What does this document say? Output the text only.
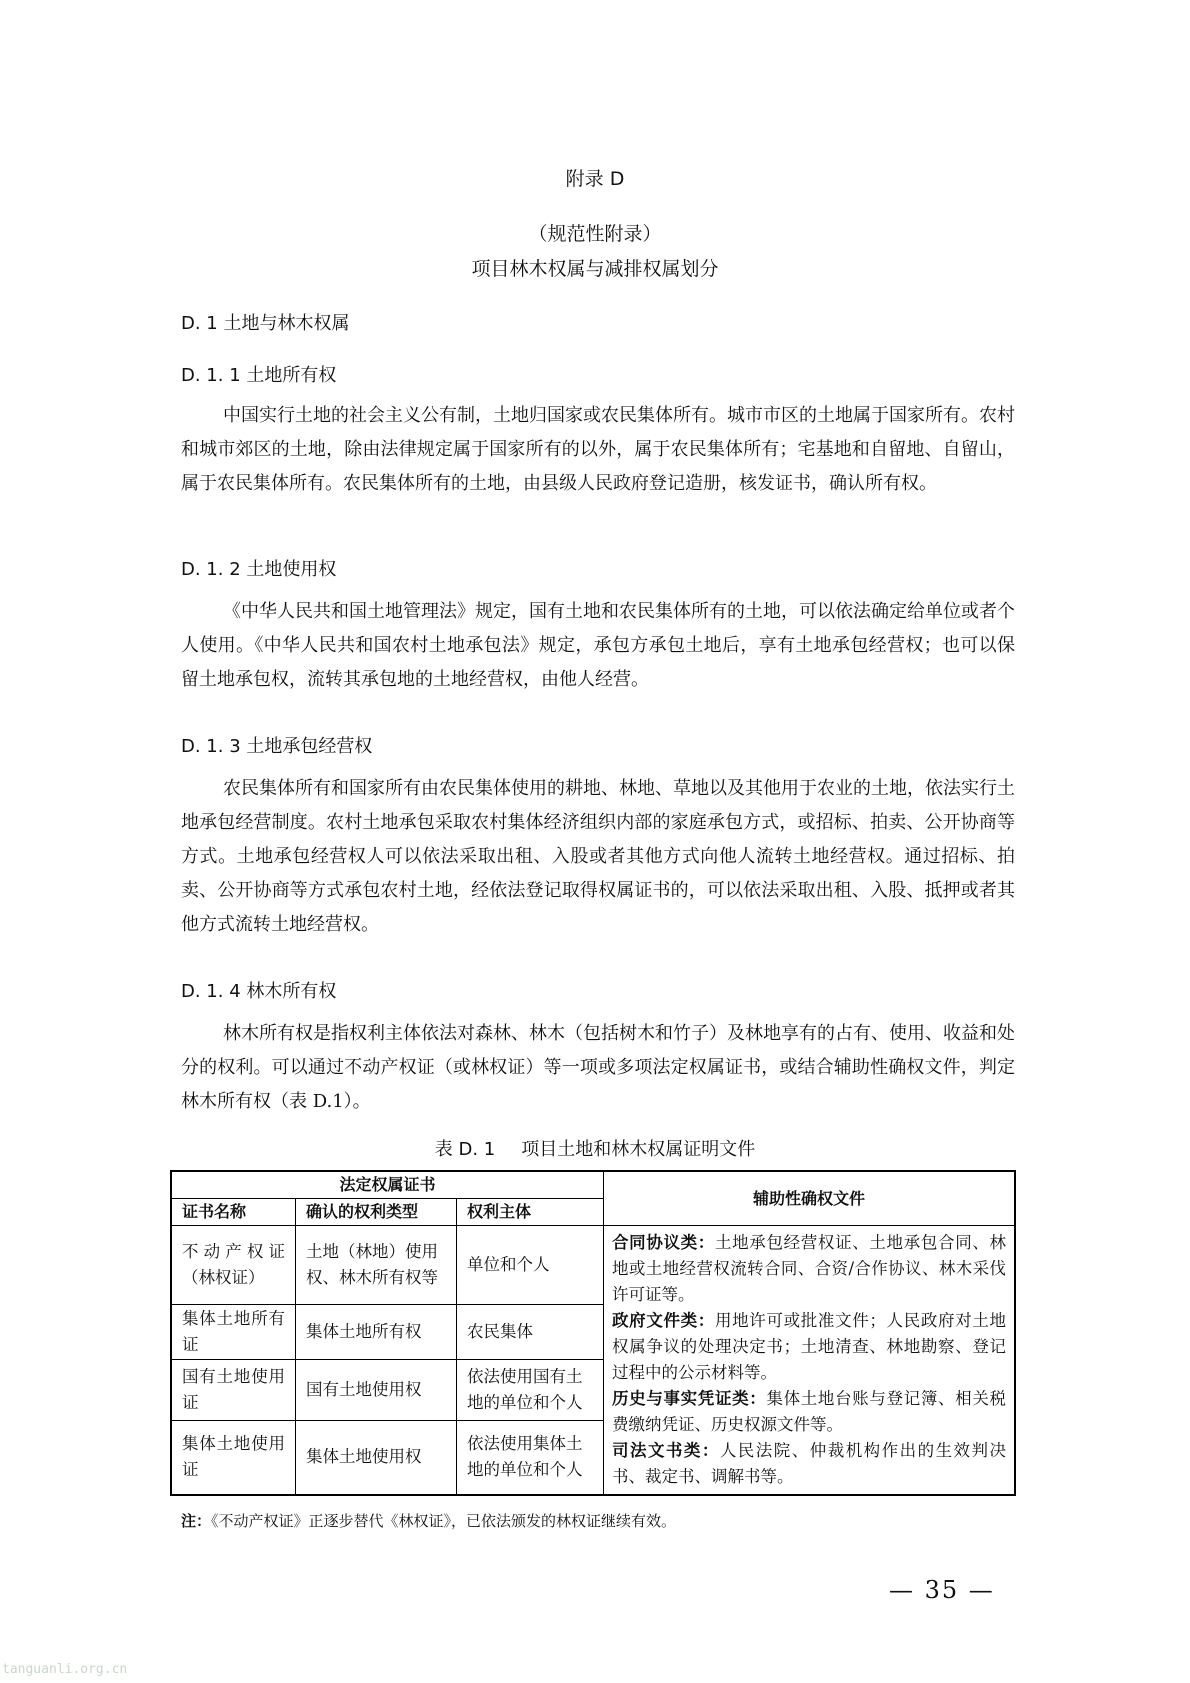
附录 D
（规范性附录）
项目林木权属与减排权属划分
D. 1 土地与林木权属
D. 1. 1 土地所有权

中国实行土地的社会主义公有制，土地归国家或农民集体所有。城市市区的土地属于国家所有。农村和城市郊区的土地，除由法律规定属于国家所有的以外，属于农民集体所有；宅基地和自留地、自留山，属于农民集体所有。农民集体所有的土地，由县级人民政府登记造册，核发证书，确认所有权。

D. 1. 2 土地使用权

《中华人民共和国土地管理法》规定，国有土地和农民集体所有的土地，可以依法确定给单位或者个人使用。《中华人民共和国农村土地承包法》规定，承包方承包土地后，享有土地承包经营权；也可以保留土地承包权，流转其承包地的土地经营权，由他人经营。

D. 1. 3 土地承包经营权

农民集体所有和国家所有由农民集体使用的耕地、林地、草地以及其他用于农业的土地，依法实行土地承包经营制度。农村土地承包采取农村集体经济组织内部的家庭承包方式，或招标、拍卖、公开协商等方式。土地承包经营权人可以依法采取出租、入股或者其他方式向他人流转土地经营权。通过招标、拍卖、公开协商等方式承包农村土地，经依法登记取得权属证书的，可以依法采取出租、入股、抵押或者其他方式流转土地经营权。

D. 1. 4 林木所有权

林木所有权是指权利主体依法对森林、林木（包括树木和竹子）及林地享有的占有、使用、收益和处分的权利。可以通过不动产权证（或林权证）等一项或多项法定权属证书，或结合辅助性确权文件，判定林木所有权（表 D.1）。

表 D. 1 项目土地和林木权属证明文件
法定权属证书			辅助性确权文件
证书名称	确认的权利类型	权利主体	
不动产权证（林权证）	土地（林地）使用权、林木所有权等	单位和个人	合同协议类：土地承包经营权证、土地承包合同、林地或土地经营权流转合同、合资/合作协议、林木采伐许可证等。
政府文件类：用地许可或批准文件；人民政府对土地权属争议的处理决定书；土地清查、林地勘察、登记过程中的公示材料等。
历史与事实凭证类：集体土地台账与登记簿、相关税费缴纳凭证、历史权源文件等。
司法文书类：人民法院、仲裁机构作出的生效判决书、裁定书、调解书等。

集体土地所有证	集体土地所有权	农民集体	
国有土地使用证	国有土地使用权	依法使用国有土地的单位和个人	
集体土地使用证	集体土地使用权	依法使用集体土地的单位和个人	
注：《不动产权证》正逐步替代《林权证》，已依法颁发的林权证继续有效。
— 35 —
tanguanli.org.cn
